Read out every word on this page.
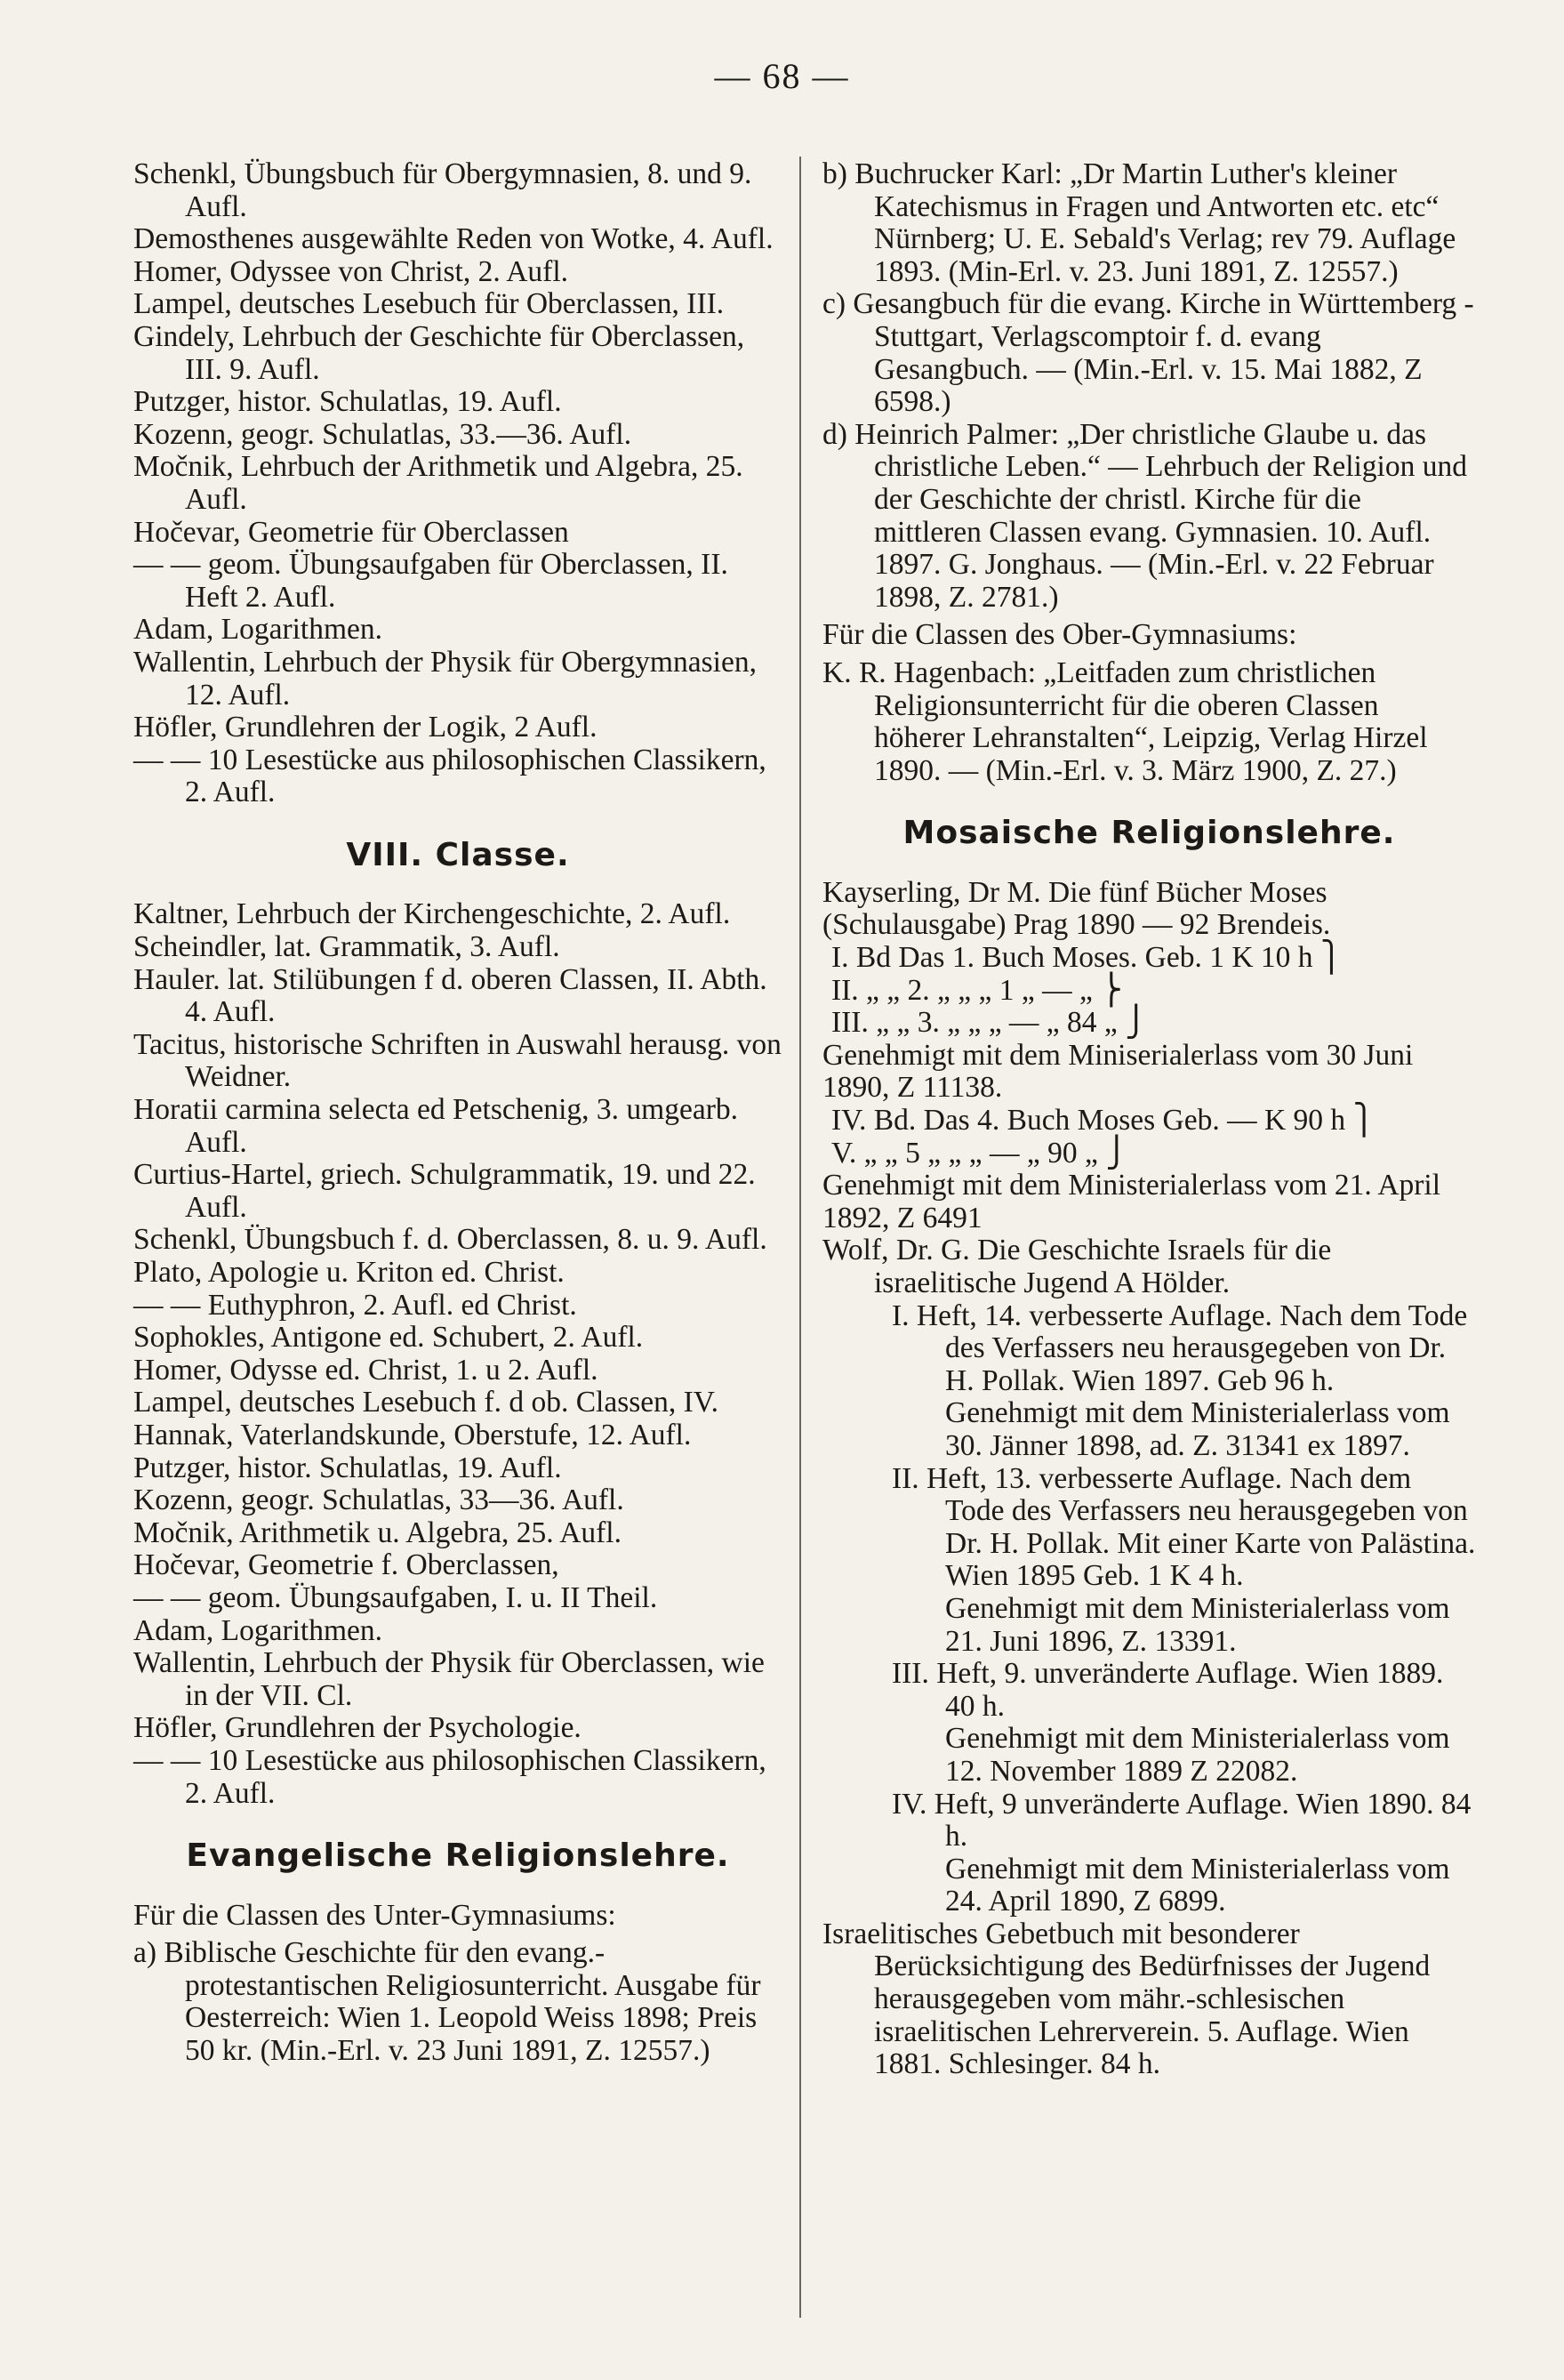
— 68 —
Schenkl, Übungsbuch für Obergymnasien, 8. und 9. Aufl.
Demosthenes ausgewählte Reden von Wotke, 4. Aufl.
Homer, Odyssee von Christ, 2. Aufl.
Lampel, deutsches Lesebuch für Oberclassen, III.
Gindely, Lehrbuch der Geschichte für Oberclassen, III. 9. Aufl.
Putzger, histor. Schulatlas, 19. Aufl.
Kozenn, geogr. Schulatlas, 33.—36. Aufl.
Močnik, Lehrbuch der Arithmetik und Algebra, 25. Aufl.
Hočevar, Geometrie für Oberclassen
— — geom. Übungsaufgaben für Oberclassen, II. Heft 2. Aufl.
Adam, Logarithmen.
Wallentin, Lehrbuch der Physik für Obergymnasien, 12. Aufl.
Höfler, Grundlehren der Logik, 2 Aufl.
— — 10 Lesestücke aus philosophischen Classikern, 2. Aufl.
VIII. Classe.
Kaltner, Lehrbuch der Kirchengeschichte, 2. Aufl.
Scheindler, lat. Grammatik, 3. Aufl.
Hauler. lat. Stilübungen f d. oberen Classen, II. Abth. 4. Aufl.
Tacitus, historische Schriften in Auswahl herausg. von Weidner.
Horatii carmina selecta ed Petschenig, 3. umgearb. Aufl.
Curtius-Hartel, griech. Schulgrammatik, 19. und 22. Aufl.
Schenkl, Übungsbuch f. d. Oberclassen, 8. u. 9. Aufl.
Plato, Apologie u. Kriton ed. Christ.
— — Euthyphron, 2. Aufl. ed Christ.
Sophokles, Antigone ed. Schubert, 2. Aufl.
Homer, Odysse ed. Christ, 1. u 2. Aufl.
Lampel, deutsches Lesebuch f. d ob. Classen, IV.
Hannak, Vaterlandskunde, Oberstufe, 12. Aufl.
Putzger, histor. Schulatlas, 19. Aufl.
Kozenn, geogr. Schulatlas, 33—36. Aufl.
Močnik, Arithmetik u. Algebra, 25. Aufl.
Hočevar, Geometrie f. Oberclassen,
— — geom. Übungsaufgaben, I. u. II Theil.
Adam, Logarithmen.
Wallentin, Lehrbuch der Physik für Oberclassen, wie in der VII. Cl.
Höfler, Grundlehren der Psychologie.
— — 10 Lesestücke aus philosophischen Classikern, 2. Aufl.
Evangelische Religionslehre.
Für die Classen des Unter-Gymnasiums:
a) Biblische Geschichte für den evang.-protestantischen Religiosunterricht. Ausgabe für Oesterreich: Wien 1. Leopold Weiss 1898; Preis 50 kr. (Min.-Erl. v. 23 Juni 1891, Z. 12557.)
b) Buchrucker Karl: „Dr Martin Luther's kleiner Katechismus in Fragen und Antworten etc. etc“ Nürnberg; U. E. Sebald's Verlag; rev 79. Auflage 1893. (Min-Erl. v. 23. Juni 1891, Z. 12557.)
c) Gesangbuch für die evang. Kirche in Württemberg - Stuttgart, Verlagscomptoir f. d. evang Gesangbuch. — (Min.-Erl. v. 15. Mai 1882, Z 6598.)
d) Heinrich Palmer: „Der christliche Glaube u. das christliche Leben.“ — Lehrbuch der Religion und der Geschichte der christl. Kirche für die mittleren Classen evang. Gymnasien. 10. Aufl. 1897. G. Jonghaus. — (Min.-Erl. v. 22 Februar 1898, Z. 2781.)
Für die Classen des Ober-Gymnasiums:
K. R. Hagenbach: „Leitfaden zum christlichen Religionsunterricht für die oberen Classen höherer Lehranstalten“, Leipzig, Verlag Hirzel 1890. — (Min.-Erl. v. 3. März 1900, Z. 27.)
Mosaische Religionslehre.
Kayserling, Dr M. Die fünf Bücher Moses (Schulausgabe) Prag 1890 — 92 Brendeis.
I. Bd Das 1. Buch Moses. Geb. 1 K 10 h ⎫
II. „ „ 2. „ „ „ 1 „ — „ ⎬
III. „ „ 3. „ „ „ — „ 84 „ ⎭
Genehmigt mit dem Miniserialerlass vom 30 Juni 1890, Z 11138.
IV. Bd. Das 4. Buch Moses Geb. — K 90 h ⎫
V. „ „ 5 „ „ „ — „ 90 „ ⎭
Genehmigt mit dem Ministerialerlass vom 21. April 1892, Z 6491
Wolf, Dr. G. Die Geschichte Israels für die israelitische Jugend A Hölder.
I. Heft, 14. verbesserte Auflage. Nach dem Tode des Verfassers neu herausgegeben von Dr. H. Pollak. Wien 1897. Geb 96 h.
Genehmigt mit dem Ministerialerlass vom 30. Jänner 1898, ad. Z. 31341 ex 1897.
II. Heft, 13. verbesserte Auflage. Nach dem Tode des Verfassers neu herausgegeben von Dr. H. Pollak. Mit einer Karte von Palästina. Wien 1895 Geb. 1 K 4 h.
Genehmigt mit dem Ministerialerlass vom 21. Juni 1896, Z. 13391.
III. Heft, 9. unveränderte Auflage. Wien 1889. 40 h.
Genehmigt mit dem Ministerialerlass vom 12. November 1889 Z 22082.
IV. Heft, 9 unveränderte Auflage. Wien 1890. 84 h.
Genehmigt mit dem Ministerialerlass vom 24. April 1890, Z 6899.
Israelitisches Gebetbuch mit besonderer Berücksichtigung des Bedürfnisses der Jugend herausgegeben vom mähr.-schlesischen israelitischen Lehrerverein. 5. Auflage. Wien 1881. Schlesinger. 84 h.
